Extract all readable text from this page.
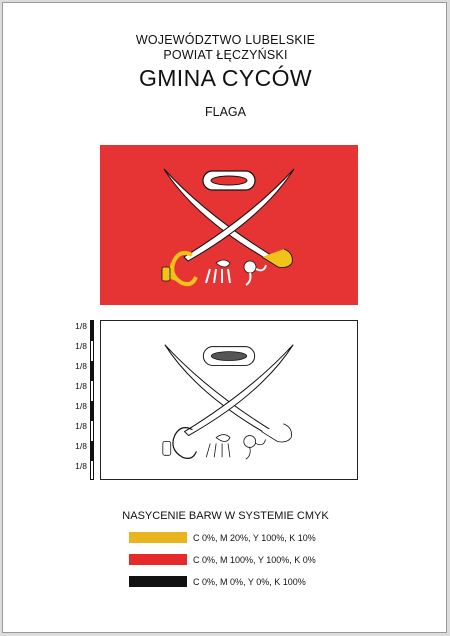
WOJEWÓDZTWO LUBELSKIE
POWIAT ŁĘCZYŃSKI
GMINA CYCÓW
FLAGA
1/8
1/8
1/8
1/8
1/8
1/8
1/8
1/8
NASYCENIE BARW W SYSTEMIE CMYK
C 0%, M 20%, Y 100%, K 10%
C 0%, M 100%, Y 100%, K 0%
C 0%, M 0%, Y 0%, K 100%
